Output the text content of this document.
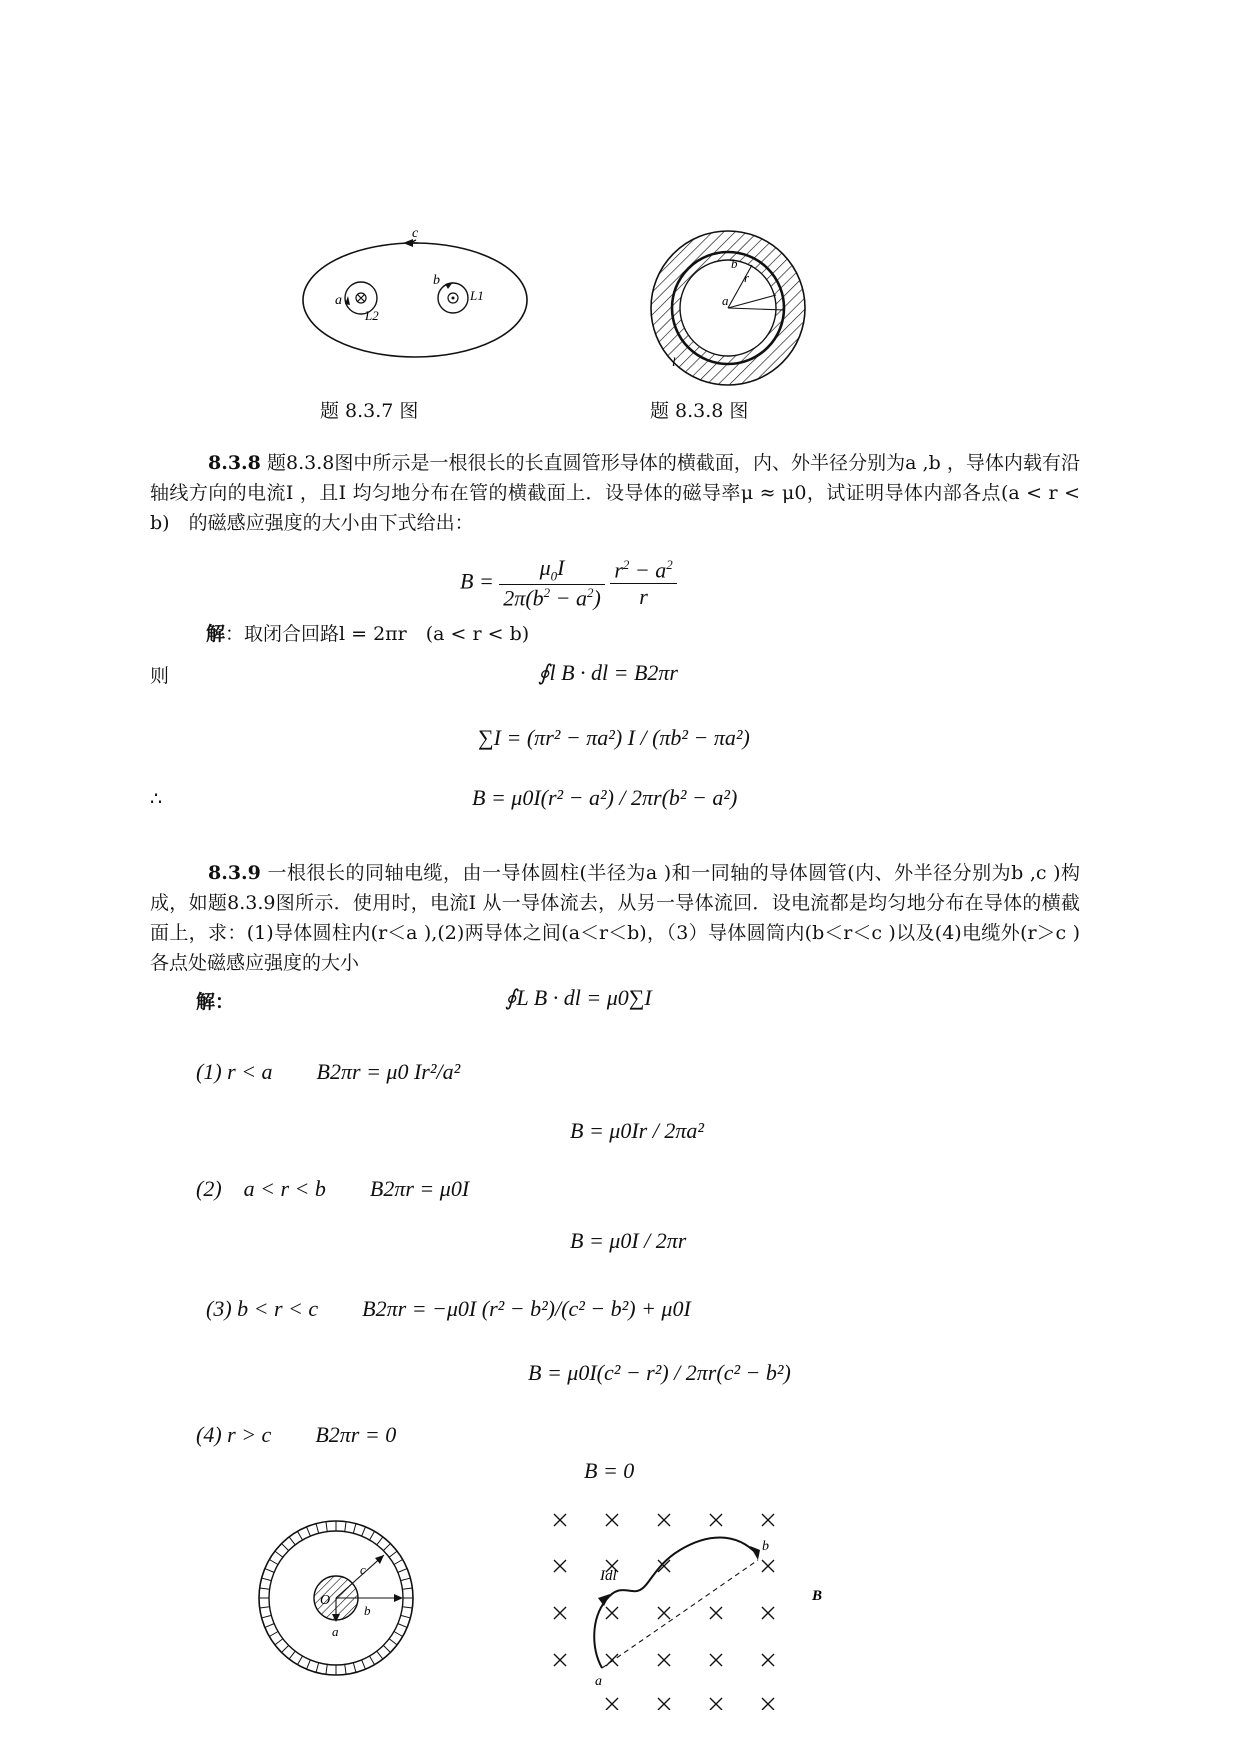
c
a
b
L1
L2
题 8.3.7 图
b
r
a
l
题 8.3.8 图
8.3.8 题8.3.8图中所示是一根很长的长直圆管形导体的横截面，内、外半径分别为a ,b ，导体内载有沿轴线方向的电流I ，且I 均匀地分布在管的横截面上．设导体的磁导率μ ≈ μ0，试证明导体内部各点(a < r < b)　的磁感应强度的大小由下式给出：
$B = \frac{\mu_0I}{2\pi(b^2 - a^2)}$
$\frac{r^2 - a^2}{r}$
解：取闭合回路l = 2πr　(a < r < b)
则	∮l B · dl = B2πr
∑I = (πr² − πa²) I / (πb² − πa²)
∴	B = μ0I(r² − a²) / 2πr(b² − a²)
8.3.9 一根很长的同轴电缆，由一导体圆柱(半径为a )和一同轴的导体圆管(内、外半径分别为b ,c )构成，如题8.3.9图所示．使用时，电流I 从一导体流去，从另一导体流回．设电流都是均匀地分布在导体的横截面上，求：(1)导体圆柱内(r＜a ),(2)两导体之间(a＜r＜b)，（3）导体圆筒内(b＜r＜c )以及(4)电缆外(r＞c )各点处磁感应强度的大小
解：	∮L B · dl = μ0∑I
(1) r < a　　B2πr = μ0 Ir²/a²
B = μ0Ir / 2πa²
(2)　a < r < b　　B2πr = μ0I
B = μ0I / 2πr
(3) b < r < c　　B2πr = −μ0I (r² − b²)/(c² − b²) + μ0I
B = μ0I(c² − r²) / 2πr(c² − b²)
(4) r > c　　B2πr = 0
B = 0
O
c
b
a
Idl
a
b
B
